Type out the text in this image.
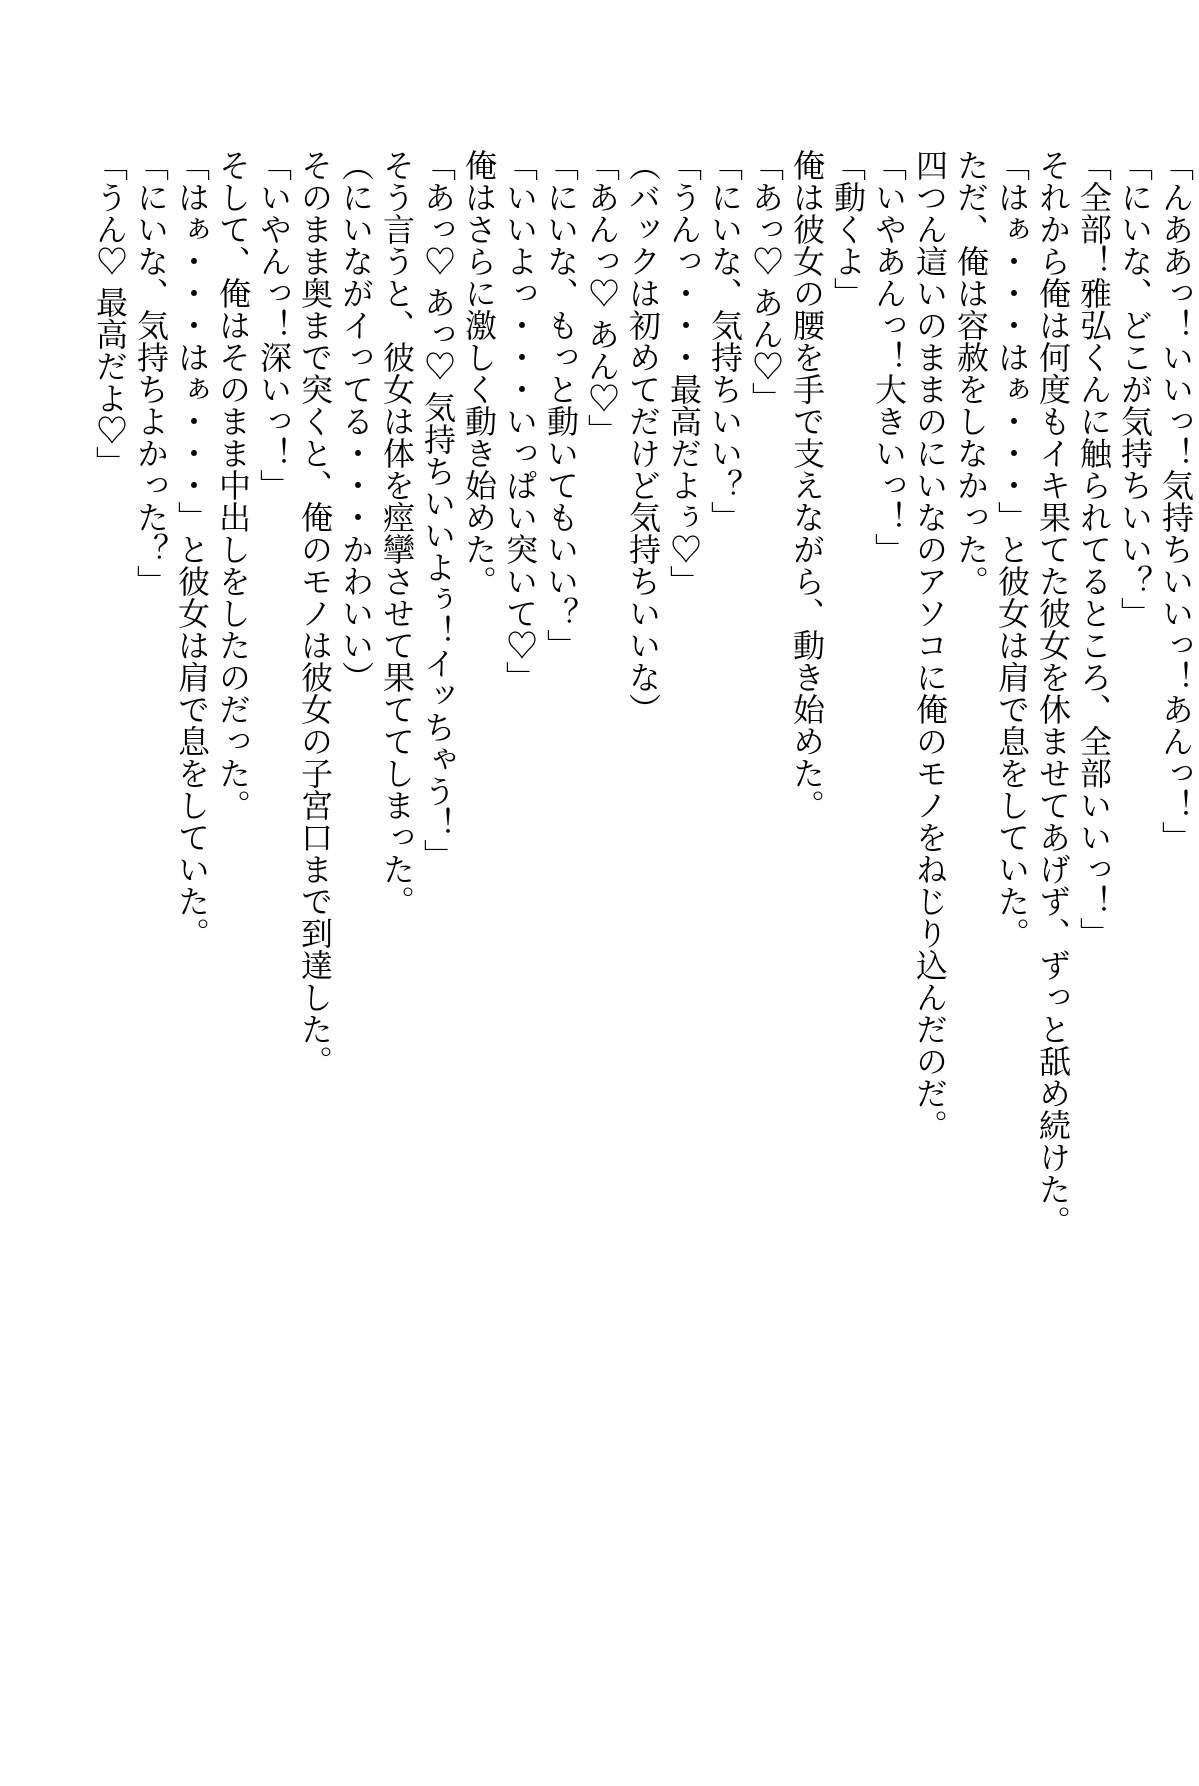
「んああっ！いいっ！気持ちいいっ！あんっ！」

「にいな、どこが気持ちいい？」

「全部！雅弘くんに触られてるところ、全部いいっ！」

それから俺は何度もイキ果てた彼女を休ませてあげず、ずっと舐め続けた。

「はぁ・・・はぁ・・・」と彼女は肩で息をしていた。

ただ、俺は容赦をしなかった。

四つん這いのままのにいなのアソコに俺のモノをねじり込んだのだ。

「いやあんっ！大きいっ！」

「動くよ」

俺は彼女の腰を手で支えながら、動き始めた。

「あっ♡ あん♡」

「にいな、気持ちいい？」

「うんっ・・・最高だよぅ♡」

（バックは初めてだけど気持ちいいな）

「あんっ♡ あん♡」

「にいな、もっと動いてもいい？」

「いいよっ・・・いっぱい突いて♡」

俺はさらに激しく動き始めた。

「あっ♡ あっ♡ 気持ちいいよぅ！イッちゃう！」

そう言うと、彼女は体を痙攣させて果ててしまった。

（にいながイってる・・・かわいい）

そのまま奥まで突くと、俺のモノは彼女の子宮口まで到達した。

「いやんっ！深いっ！」

そして、俺はそのまま中出しをしたのだった。

「はぁ・・・はぁ・・・」と彼女は肩で息をしていた。

「にいな、気持ちよかった？」

「うん♡ 最高だよ♡」
